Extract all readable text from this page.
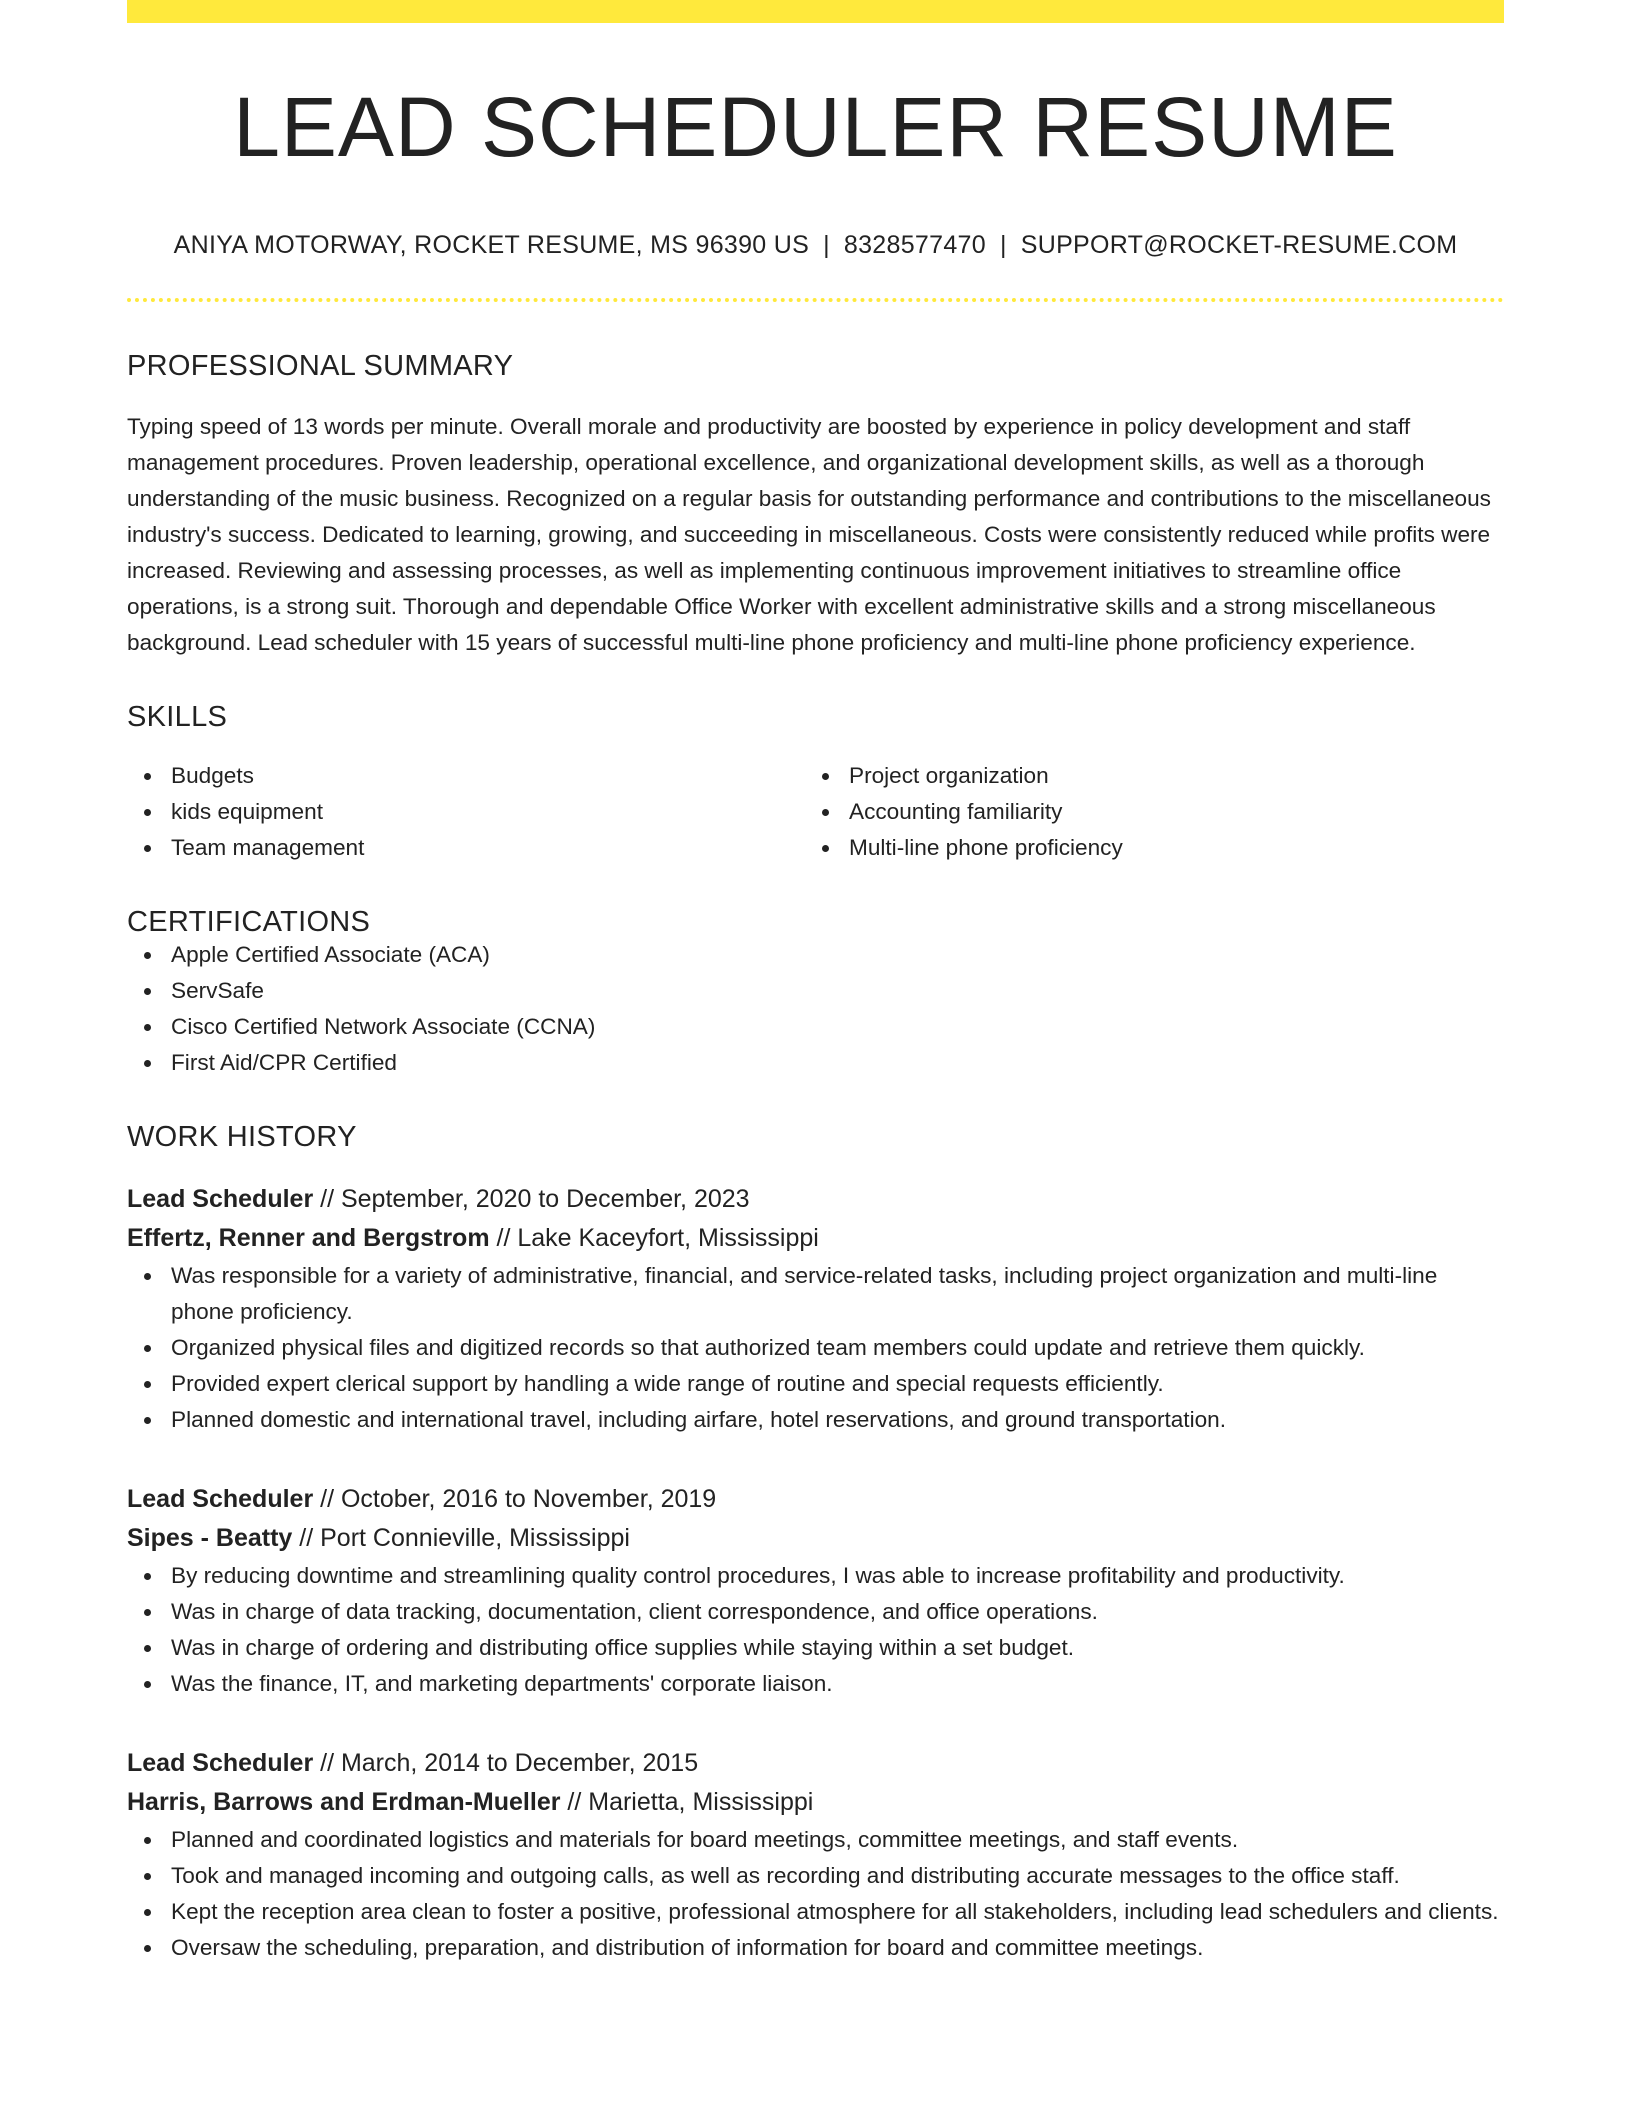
LEAD SCHEDULER RESUME
ANIYA MOTORWAY, ROCKET RESUME, MS 96390 US | 8328577470 | SUPPORT@ROCKET-RESUME.COM
PROFESSIONAL SUMMARY
Typing speed of 13 words per minute. Overall morale and productivity are boosted by experience in policy development and staff management procedures. Proven leadership, operational excellence, and organizational development skills, as well as a thorough understanding of the music business. Recognized on a regular basis for outstanding performance and contributions to the miscellaneous industry's success. Dedicated to learning, growing, and succeeding in miscellaneous. Costs were consistently reduced while profits were increased. Reviewing and assessing processes, as well as implementing continuous improvement initiatives to streamline office operations, is a strong suit. Thorough and dependable Office Worker with excellent administrative skills and a strong miscellaneous background. Lead scheduler with 15 years of successful multi-line phone proficiency and multi-line phone proficiency experience.
SKILLS
Budgets
kids equipment
Team management
Project organization
Accounting familiarity
Multi-line phone proficiency
CERTIFICATIONS
Apple Certified Associate (ACA)
ServSafe
Cisco Certified Network Associate (CCNA)
First Aid/CPR Certified
WORK HISTORY
Lead Scheduler // September, 2020 to December, 2023
Effertz, Renner and Bergstrom // Lake Kaceyfort, Mississippi
Was responsible for a variety of administrative, financial, and service-related tasks, including project organization and multi-line phone proficiency.
Organized physical files and digitized records so that authorized team members could update and retrieve them quickly.
Provided expert clerical support by handling a wide range of routine and special requests efficiently.
Planned domestic and international travel, including airfare, hotel reservations, and ground transportation.
Lead Scheduler // October, 2016 to November, 2019
Sipes - Beatty // Port Connieville, Mississippi
By reducing downtime and streamlining quality control procedures, I was able to increase profitability and productivity.
Was in charge of data tracking, documentation, client correspondence, and office operations.
Was in charge of ordering and distributing office supplies while staying within a set budget.
Was the finance, IT, and marketing departments' corporate liaison.
Lead Scheduler // March, 2014 to December, 2015
Harris, Barrows and Erdman-Mueller // Marietta, Mississippi
Planned and coordinated logistics and materials for board meetings, committee meetings, and staff events.
Took and managed incoming and outgoing calls, as well as recording and distributing accurate messages to the office staff.
Kept the reception area clean to foster a positive, professional atmosphere for all stakeholders, including lead schedulers and clients.
Oversaw the scheduling, preparation, and distribution of information for board and committee meetings.
